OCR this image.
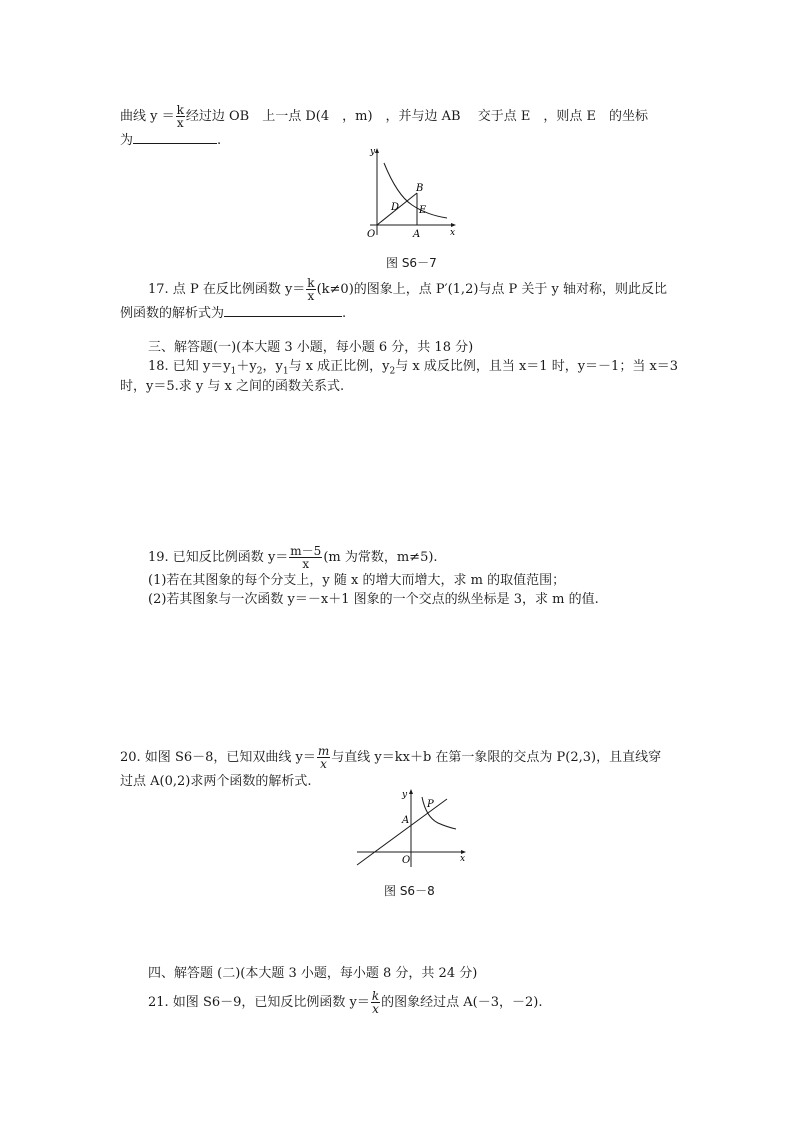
曲线 $y = \frac{k}{x}$ 经过边 OB　上一点 D(4　，m)　，并与边 AB　 交于点 E　，则点 E　的坐标
为	.
y
x
O	A
B
D E
图 S6－7
17. 点 P 在反比例函数 $y= \frac{k}{x} (k\ne 0)$的图象上，点 P′(1,2)与点 P 关于 y 轴对称，则此反比
例函数的解析式为	.
三、解答题(一)(本大题 3 小题，每小题 6 分，共 18 分)
18. 已知 $y=y_1+y_2$，$y_1$与 x 成正比例，$y_2$与 x 成反比例，且当 x＝1 时，y＝－1；当 x＝3
时，y＝5.求 y 与 x 之间的函数关系式.
19. 已知反比例函数 $y= \frac{m-5}{x} (m$ 为常数，m≠5).
(1)若在其图象的每个分支上，y 随 x 的增大而增大，求 m 的取值范围；
(2)若其图象与一次函数 y＝－x＋1 图象的一个交点的纵坐标是 3，求 m 的值.
20. 如图 S6－8，已知双曲线 $y= \frac{m}{x}$ 与直线 y＝kx＋b 在第一象限的交点为 P(2,3)，且直线穿
过点 A(0,2)求两个函数的解析式.
y
x
O
A
P
图 S6－8
四、解答题 (二)(本大题 3 小题，每小题 8 分，共 24 分)
21. 如图 S6－9，已知反比例函数 $y= \frac{k}{x}$ 的图象经过点 A(－3，－2).
